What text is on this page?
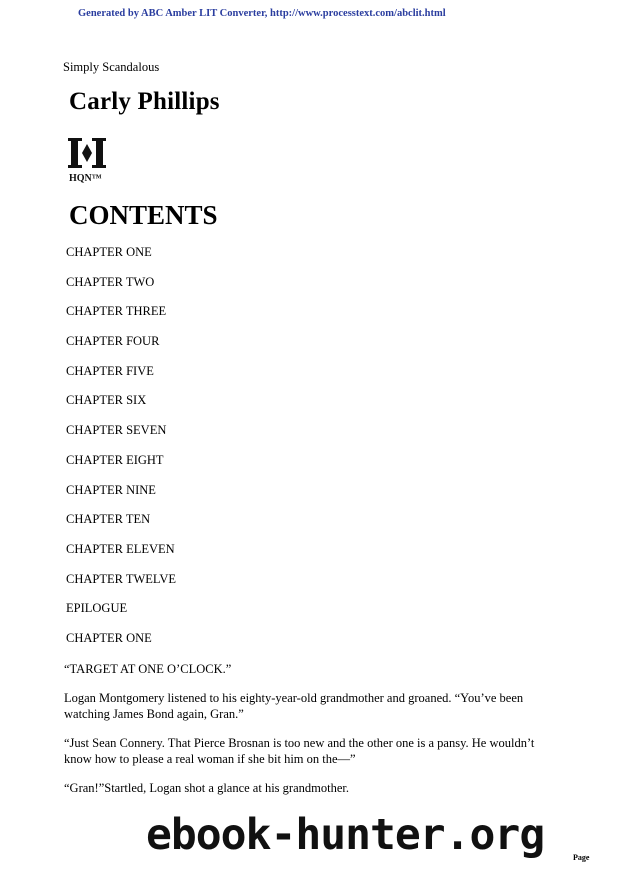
Generated by ABC Amber LIT Converter, http://www.processtext.com/abclit.html
Simply Scandalous
Carly Phillips
HQN™
CONTENTS
CHAPTER ONE
CHAPTER TWO
CHAPTER THREE
CHAPTER FOUR
CHAPTER FIVE
CHAPTER SIX
CHAPTER SEVEN
CHAPTER EIGHT
CHAPTER NINE
CHAPTER TEN
CHAPTER ELEVEN
CHAPTER TWELVE
EPILOGUE
CHAPTER ONE

“TARGET AT ONE O’CLOCK.”

Logan Montgomery listened to his eighty-year-old grandmother and groaned. “You’ve been watching James Bond again, Gran.”

“Just Sean Connery. That Pierce Brosnan is too new and the other one is a pansy. He wouldn’t know how to please a real woman if she bit him on the—”

“Gran!”Startled, Logan shot a glance at his grandmother.

ebook-hunter.org	Page
